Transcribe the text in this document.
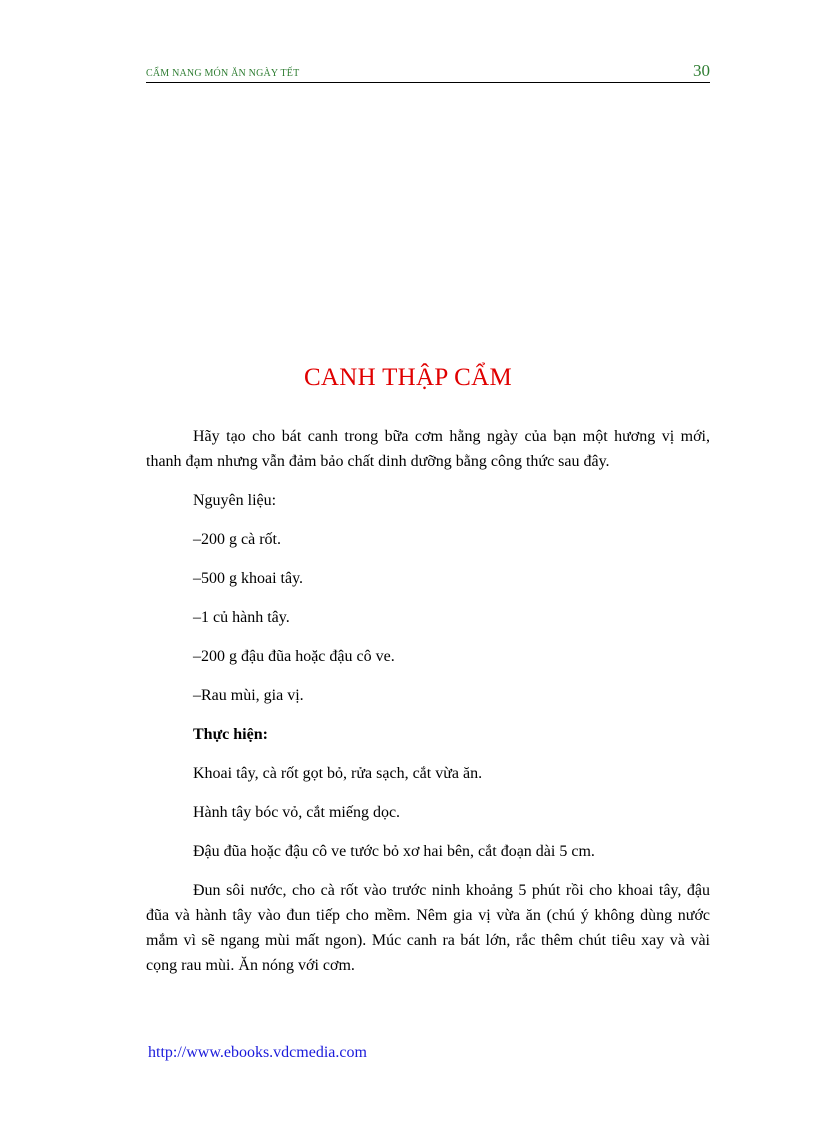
CẨM NANG MÓN ĂN NGÀY TẾT	30
CANH THẬP CẨM

Hãy tạo cho bát canh trong bữa cơm hằng ngày của bạn một hương vị mới, thanh đạm nhưng vẫn đảm bảo chất dinh dưỡng bằng công thức sau đây.

Nguyên liệu:

–200 g cà rốt.

–500 g khoai tây.

–1 củ hành tây.

–200 g đậu đũa hoặc đậu cô ve.

–Rau mùi, gia vị.

Thực hiện:

Khoai tây, cà rốt gọt bỏ, rửa sạch, cắt vừa ăn.

Hành tây bóc vỏ, cắt miếng dọc.

Đậu đũa hoặc đậu cô ve tước bỏ xơ hai bên, cắt đoạn dài 5 cm.

Đun sôi nước, cho cà rốt vào trước ninh khoảng 5 phút rồi cho khoai tây, đậu đũa và hành tây vào đun tiếp cho mềm. Nêm gia vị vừa ăn (chú ý không dùng nước mắm vì sẽ ngang mùi mất ngon). Múc canh ra bát lớn, rắc thêm chút tiêu xay và vài cọng rau mùi. Ăn nóng với cơm.

http://www.ebooks.vdcmedia.com
